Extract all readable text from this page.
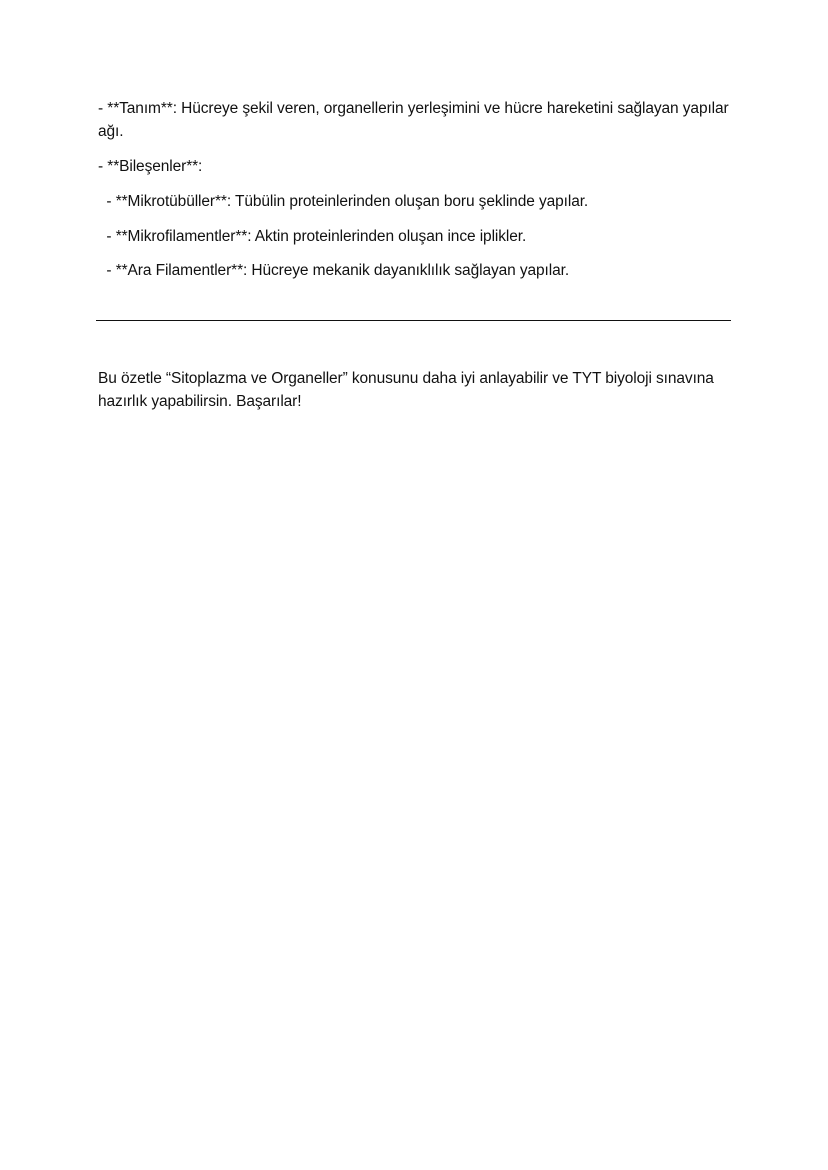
- **Tanım**: Hücreye şekil veren, organellerin yerleşimini ve hücre hareketini sağlayan yapılar ağı.

- **Bileşenler**:

- **Mikrotübüller**: Tübülin proteinlerinden oluşan boru şeklinde yapılar.

- **Mikrofilamentler**: Aktin proteinlerinden oluşan ince iplikler.

- **Ara Filamentler**: Hücreye mekanik dayanıklılık sağlayan yapılar.

Bu özetle “Sitoplazma ve Organeller” konusunu daha iyi anlayabilir ve TYT biyoloji sınavına hazırlık yapabilirsin. Başarılar!
